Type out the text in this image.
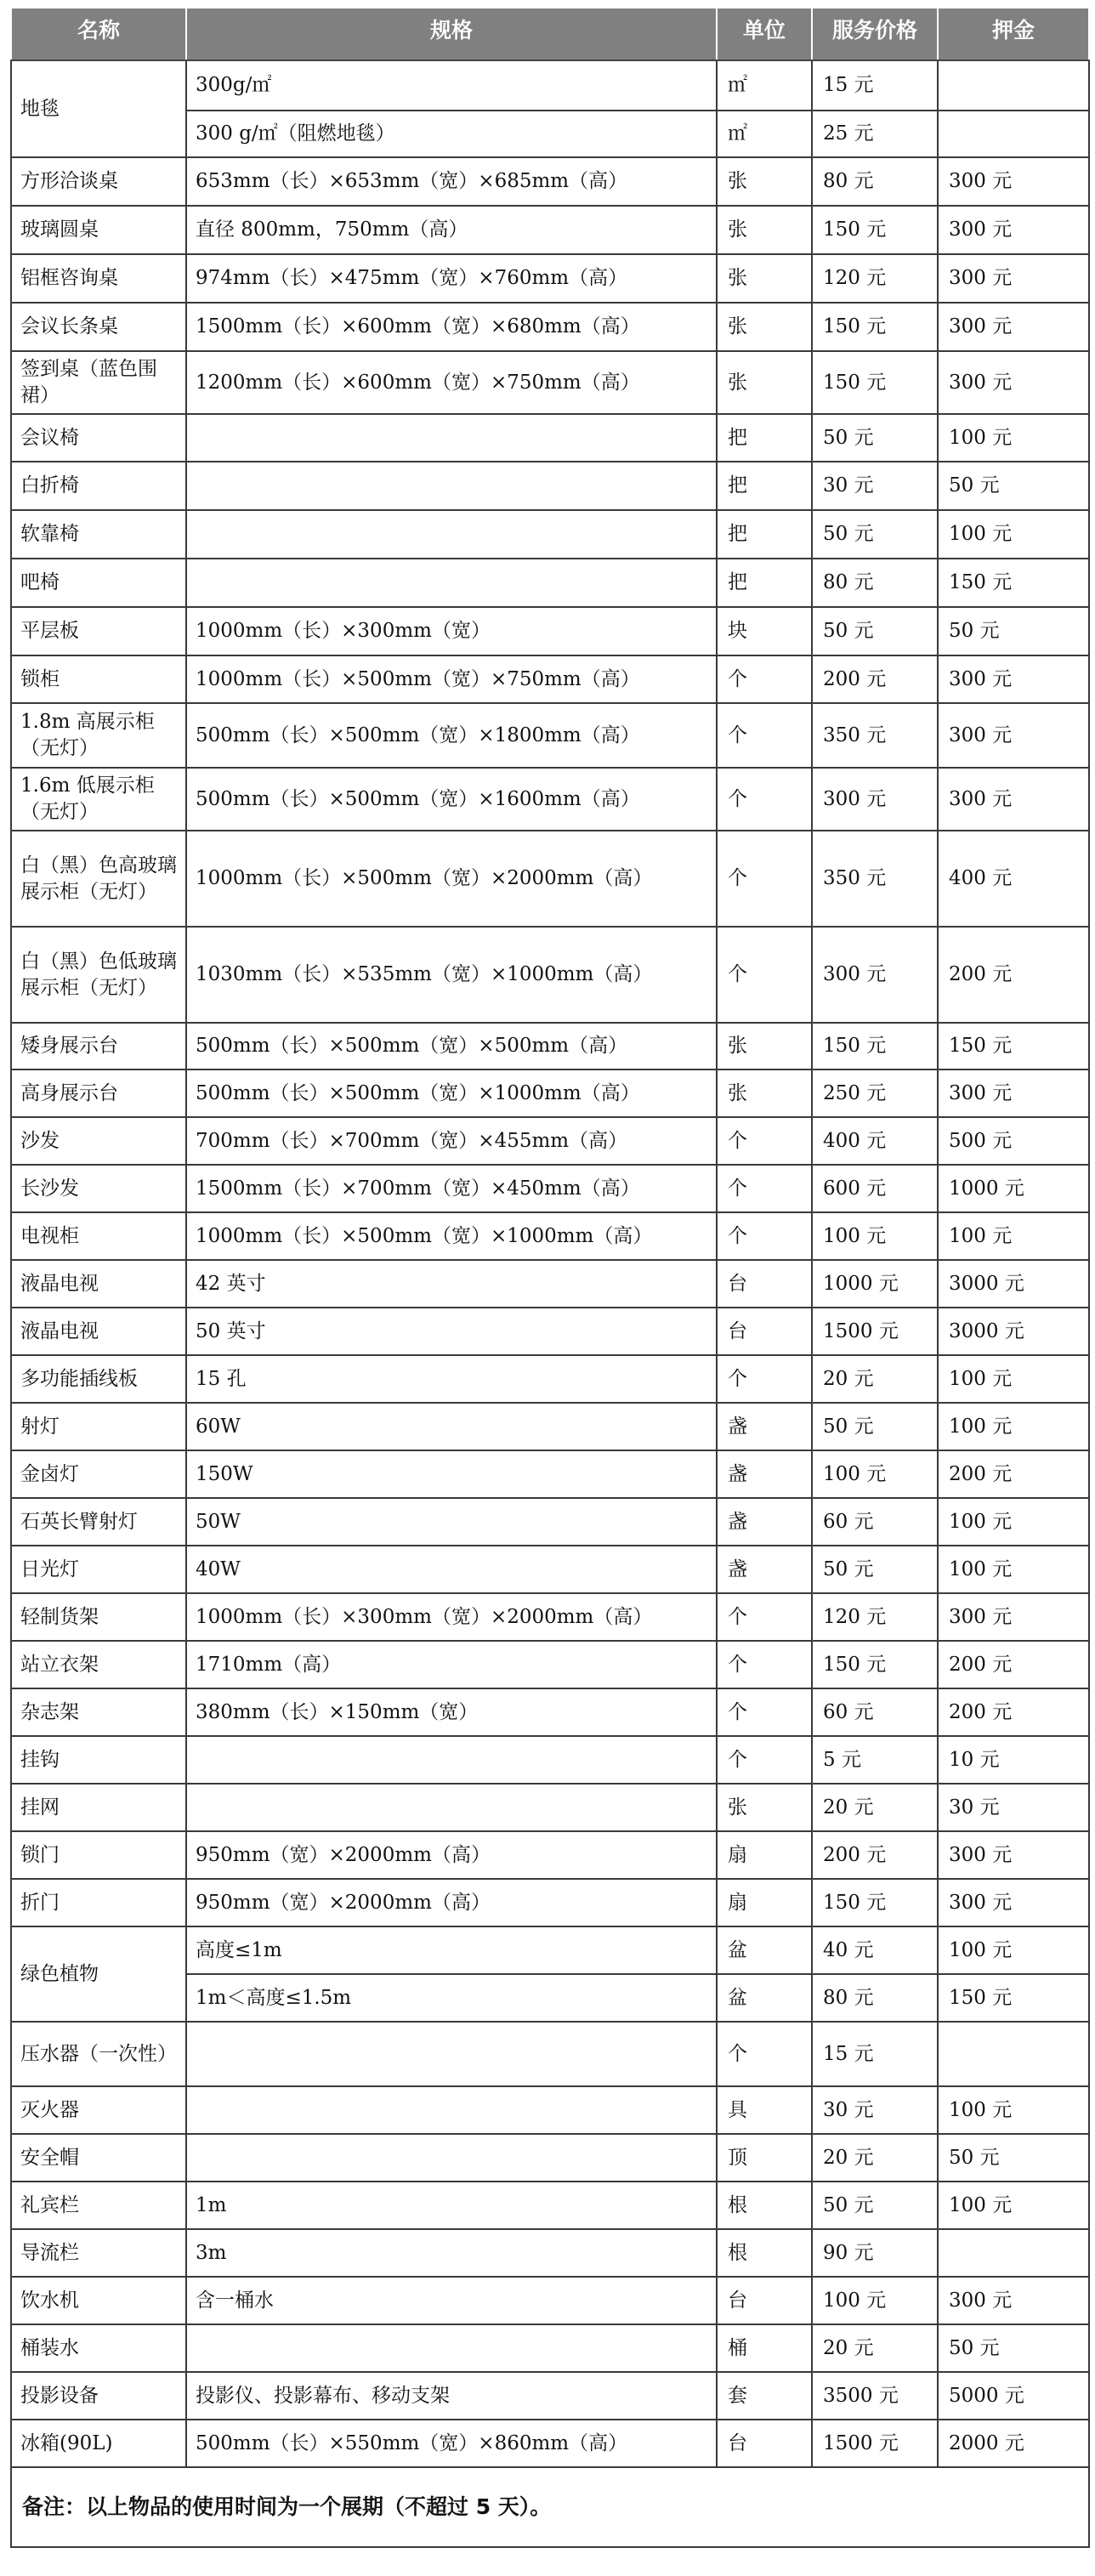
名称	规格	单位	服务价格	押金
地毯	300g/㎡	㎡	15 元	
	300 g/㎡（阻燃地毯）	㎡	25 元	
方形洽谈桌	653mm（长）×653mm（宽）×685mm（高）	张	80 元	300 元
玻璃圆桌	直径 800mm，750mm（高）	张	150 元	300 元
铝框咨询桌	974mm（长）×475mm（宽）×760mm（高）	张	120 元	300 元
会议长条桌	1500mm（长）×600mm（宽）×680mm（高）	张	150 元	300 元
签到桌（蓝色围裙）	1200mm（长）×600mm（宽）×750mm（高）	张	150 元	300 元
会议椅		把	50 元	100 元
白折椅		把	30 元	50 元
软靠椅		把	50 元	100 元
吧椅		把	80 元	150 元
平层板	1000mm（长）×300mm（宽）	块	50 元	50 元
锁柜	1000mm（长）×500mm（宽）×750mm（高）	个	200 元	300 元
1.8m 高展示柜（无灯）	500mm（长）×500mm（宽）×1800mm（高）	个	350 元	300 元
1.6m 低展示柜（无灯）	500mm（长）×500mm（宽）×1600mm（高）	个	300 元	300 元
白（黑）色高玻璃展示柜（无灯）	1000mm（长）×500mm（宽）×2000mm（高）	个	350 元	400 元
白（黑）色低玻璃展示柜（无灯）	1030mm（长）×535mm（宽）×1000mm（高）	个	300 元	200 元
矮身展示台	500mm（长）×500mm（宽）×500mm（高）	张	150 元	150 元
高身展示台	500mm（长）×500mm（宽）×1000mm（高）	张	250 元	300 元
沙发	700mm（长）×700mm（宽）×455mm（高）	个	400 元	500 元
长沙发	1500mm（长）×700mm（宽）×450mm（高）	个	600 元	1000 元
电视柜	1000mm（长）×500mm（宽）×1000mm（高）	个	100 元	100 元
液晶电视	42 英寸	台	1000 元	3000 元
液晶电视	50 英寸	台	1500 元	3000 元
多功能插线板	15 孔	个	20 元	100 元
射灯	60W	盏	50 元	100 元
金卤灯	150W	盏	100 元	200 元
石英长臂射灯	50W	盏	60 元	100 元
日光灯	40W	盏	50 元	100 元
轻制货架	1000mm（长）×300mm（宽）×2000mm（高）	个	120 元	300 元
站立衣架	1710mm（高）	个	150 元	200 元
杂志架	380mm（长）×150mm（宽）	个	60 元	200 元
挂钩		个	5 元	10 元
挂网		张	20 元	30 元
锁门	950mm（宽）×2000mm（高）	扇	200 元	300 元
折门	950mm（宽）×2000mm（高）	扇	150 元	300 元
绿色植物	高度≤1m	盆	40 元	100 元
	1m＜高度≤1.5m	盆	80 元	150 元
压水器（一次性）		个	15 元	
灭火器		具	30 元	100 元
安全帽		顶	20 元	50 元
礼宾栏	1m	根	50 元	100 元
导流栏	3m	根	90 元	
饮水机	含一桶水	台	100 元	300 元
桶装水		桶	20 元	50 元
投影设备	投影仪、投影幕布、移动支架	套	3500 元	5000 元
冰箱(90L)	500mm（长）×550mm（宽）×860mm（高）	台	1500 元	2000 元
备注：以上物品的使用时间为一个展期（不超过 5 天）。				
